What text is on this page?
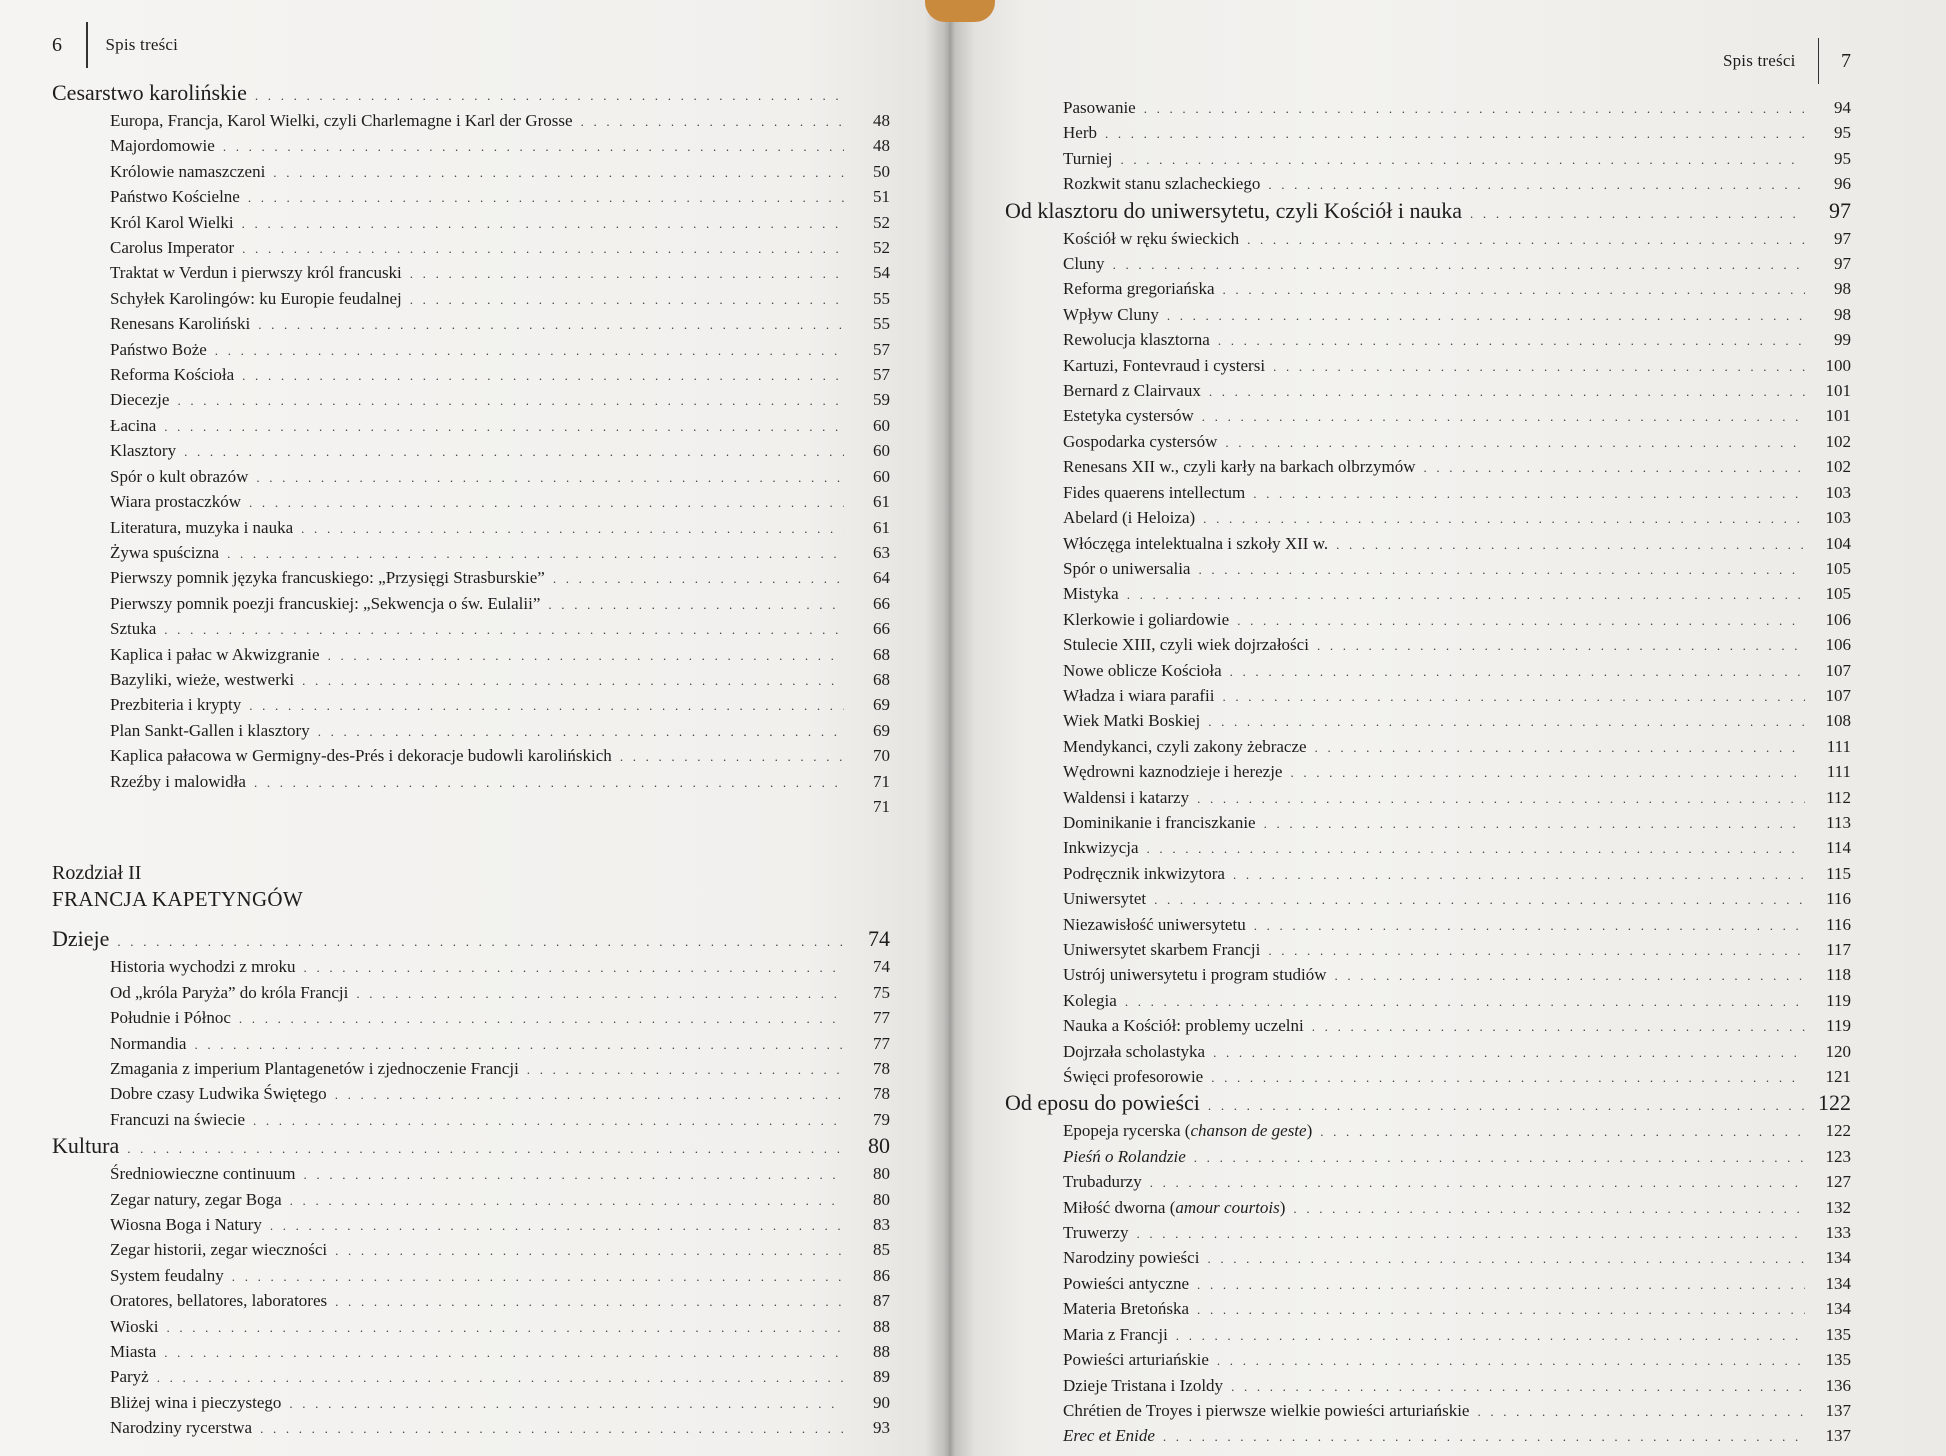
6	Spis treści
Cesarstwo karolińskie
. . .
Europa, Francja, Karol Wielki, czyli Charlemagne i Karl der Grosse . . .	48
Majordomowie . . .	48
Królowie namaszczeni . . .	50
Państwo Kościelne . . .	51
Król Karol Wielki . . .	52
Carolus Imperator . . .	52
Traktat w Verdun i pierwszy król francuski . . .	54
Schyłek Karolingów: ku Europie feudalnej . . .	55
Renesans Karoliński . . .	55
Państwo Boże . . .	57
Reforma Kościoła . . .	57
Diecezje . . .	59
Łacina . . .	60
Klasztory . . .	60
Spór o kult obrazów . . .	60
Wiara prostaczków . . .	61
Literatura, muzyka i nauka . . .	61
Żywa spuścizna . . .	63
Pierwszy pomnik języka francuskiego: „Przysięgi Strasburskie” . . .	64
Pierwszy pomnik poezji francuskiej: „Sekwencja o św. Eulalii” . . .	66
Sztuka . . .	66
Kaplica i pałac w Akwizgranie . . .	68
Bazyliki, wieże, westwerki . . .	68
Prezbiteria i krypty . . .	69
Plan Sankt-Gallen i klasztory . . .	69
Kaplica pałacowa w Germigny-des-Prés i dekoracje budowli karolińskich . . .	70
Rzeźby i malowidła . . .	71
71
Rozdział II
FRANCJA KAPETYNGÓW
Dzieje . . .	74
Historia wychodzi z mroku . . .	74
Od „króla Paryża” do króla Francji . . .	75
Południe i Północ . . .	77
Normandia . . .	77
Zmagania z imperium Plantagenetów i zjednoczenie Francji . . .	78
Dobre czasy Ludwika Świętego . . .	78
Francuzi na świecie . . .	79
Kultura . . .	80
Średniowieczne continuum . . .	80
Zegar natury, zegar Boga . . .	80
Wiosna Boga i Natury . . .	83
Zegar historii, zegar wieczności . . .	85
System feudalny . . .	86
Oratores, bellatores, laboratores . . .	87
Wioski . . .	88
Miasta . . .	88
Paryż . . .	89
Bliżej wina i pieczystego . . .	90
Narodziny rycerstwa . . .	93
Spis treści 7
Pasowanie . . .	94
Herb . . .	95
Turniej . . .	95
Rozkwit stanu szlacheckiego . . .	96
Od klasztoru do uniwersytetu, czyli Kościół i nauka . . .	97
Kościół w ręku świeckich . . .	97
Cluny . . .	97
Reforma gregoriańska . . .	98
Wpływ Cluny . . .	98
Rewolucja klasztorna . . .	99
Kartuzi, Fontevraud i cystersi . . .	100
Bernard z Clairvaux . . .	101
Estetyka cystersów . . .	101
Gospodarka cystersów . . .	102
Renesans XII w., czyli karły na barkach olbrzymów . . .	102
Fides quaerens intellectum . . .	103
Abelard (i Heloiza) . . .	103
Włóczęga intelektualna i szkoły XII w. . . .	104
Spór o uniwersalia . . .	105
Mistyka . . .	105
Klerkowie i goliardowie . . .	106
Stulecie XIII, czyli wiek dojrzałości . . .	106
Nowe oblicze Kościoła . . .	107
Władza i wiara parafii . . .	107
Wiek Matki Boskiej . . .	108
Mendykanci, czyli zakony żebracze . . .	111
Wędrowni kaznodzieje i herezje . . .	111
Waldensi i katarzy . . .	112
Dominikanie i franciszkanie . . .	113
Inkwizycja . . .	114
Podręcznik inkwizytora . . .	115
Uniwersytet . . .	116
Niezawisłość uniwersytetu . . .	116
Uniwersytet skarbem Francji . . .	117
Ustrój uniwersytetu i program studiów . . .	118
Kolegia . . .	119
Nauka a Kościół: problemy uczelni . . .	119
Dojrzała scholastyka . . .	120
Święci profesorowie . . .	121
Od eposu do powieści . . .	122
Epopeja rycerska (chanson de geste) . . .	122
Pieśń o Rolandzie . . .	123
Trubadurzy . . .	127
Miłość dworna (amour courtois) . . .	132
Truwerzy . . .	133
Narodziny powieści . . .	134
Powieści antyczne . . .	134
Materia Bretońska . . .	134
Maria z Francji . . .	135
Powieści arturiańskie . . .	135
Dzieje Tristana i Izoldy . . .	136
Chrétien de Troyes i pierwsze wielkie powieści arturiańskie . . .	137
Erec et Enide . . .	137
